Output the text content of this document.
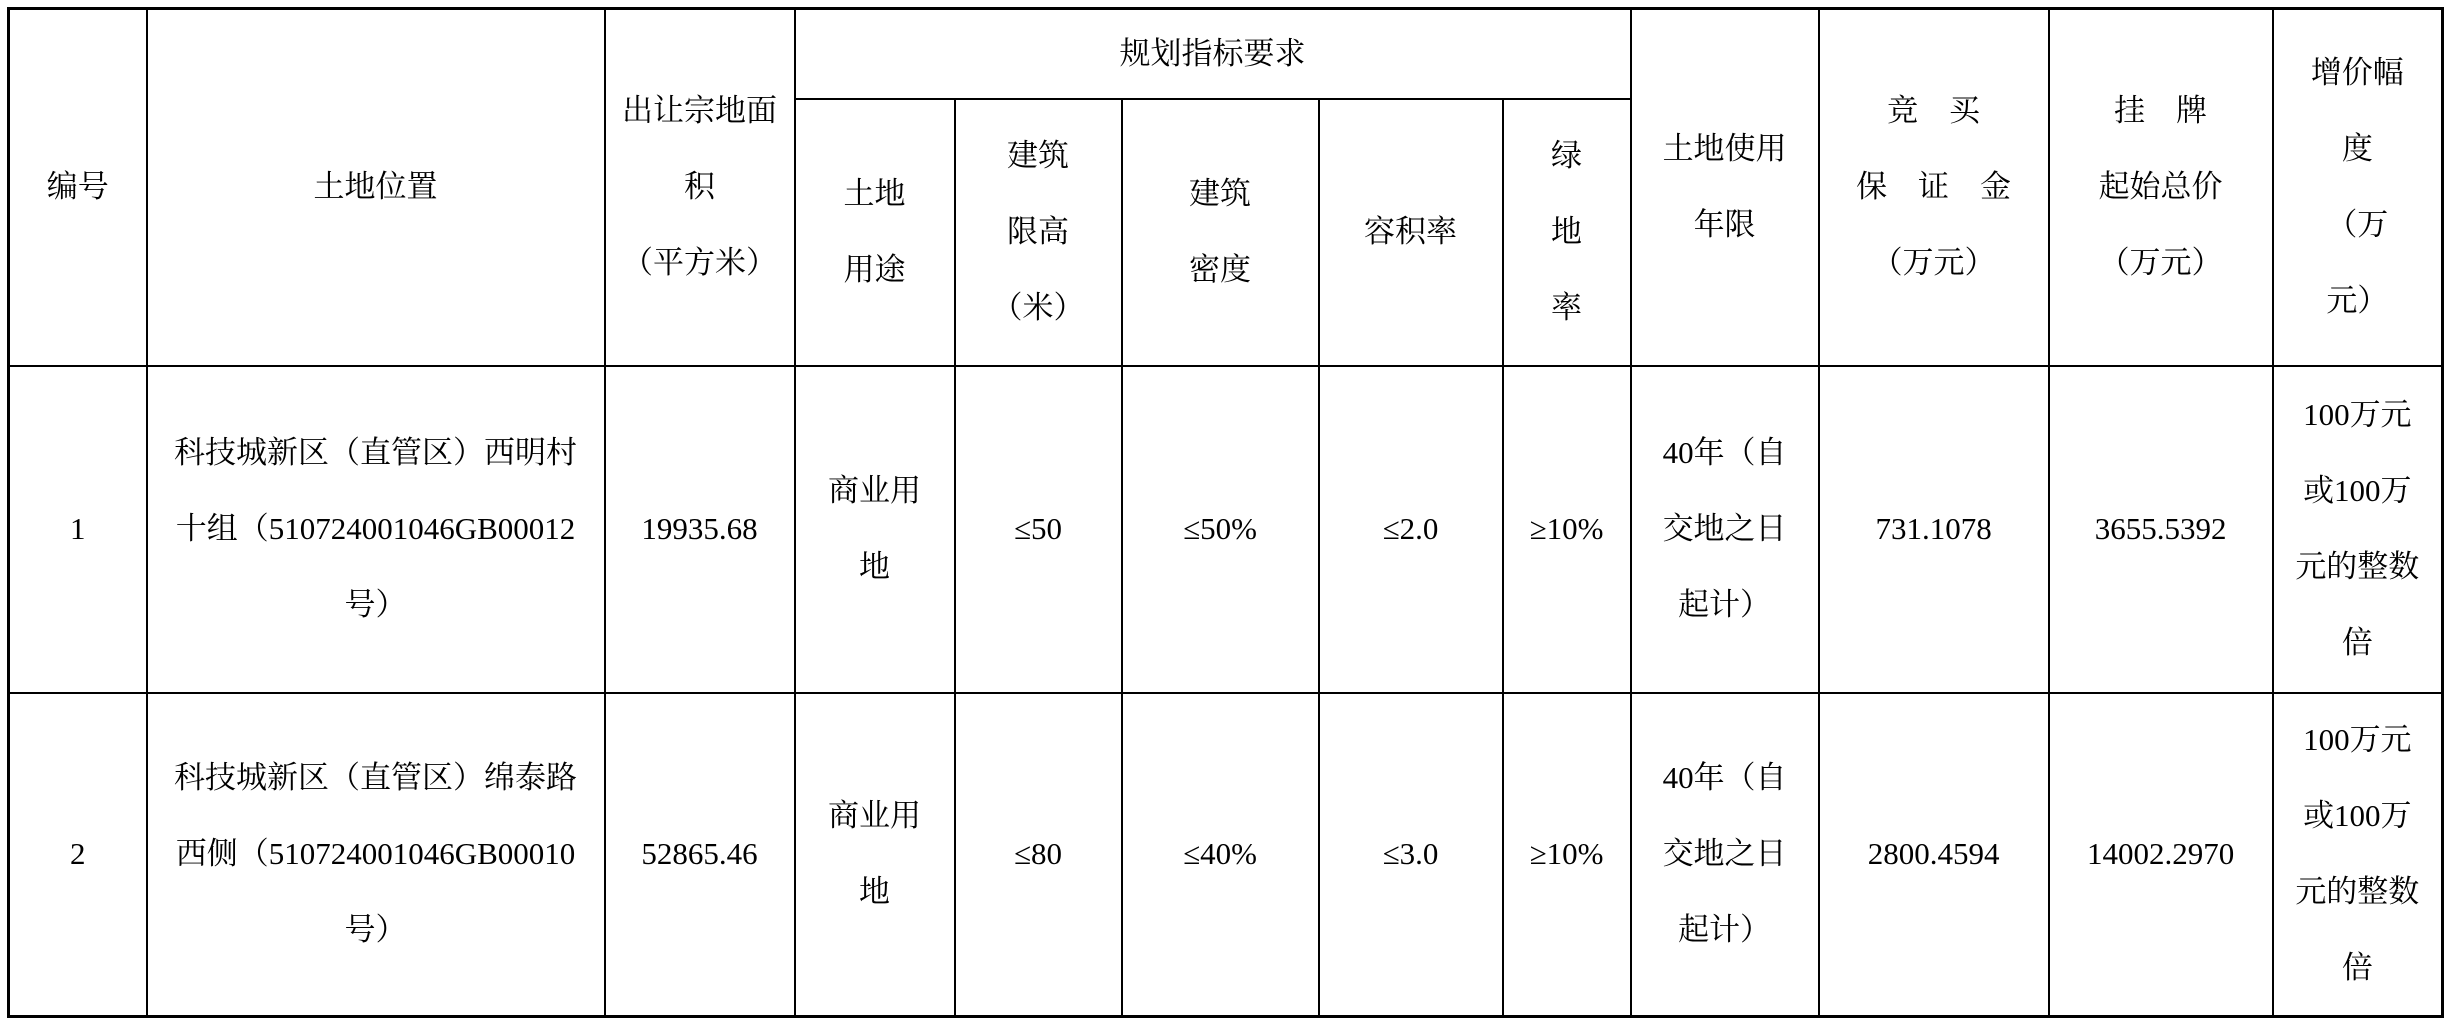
编号	土地位置	出让宗地面
积
（平方米）	规划指标要求					土地使用
年限	竞　买
保　证　金
（万元）	挂　牌
起始总价
（万元）	增价幅
度
（万
元）

			土地
用途	建筑
限高
（米）	建筑
密度	容积率	绿
地
率				

1	科技城新区（直管区）西明村
十组（510724001046GB00012
号）	19935.68	商业用
地	≤50	≤50%	≤2.0	≥10%	40年（自
交地之日
起计）	731.1078	3655.5392	100万元
或100万
元的整数
倍

2	科技城新区（直管区）绵泰路
西侧（510724001046GB00010
号）	52865.46	商业用
地	≤80	≤40%	≤3.0	≥10%	40年（自
交地之日
起计）	2800.4594	14002.2970	100万元
或100万
元的整数
倍
